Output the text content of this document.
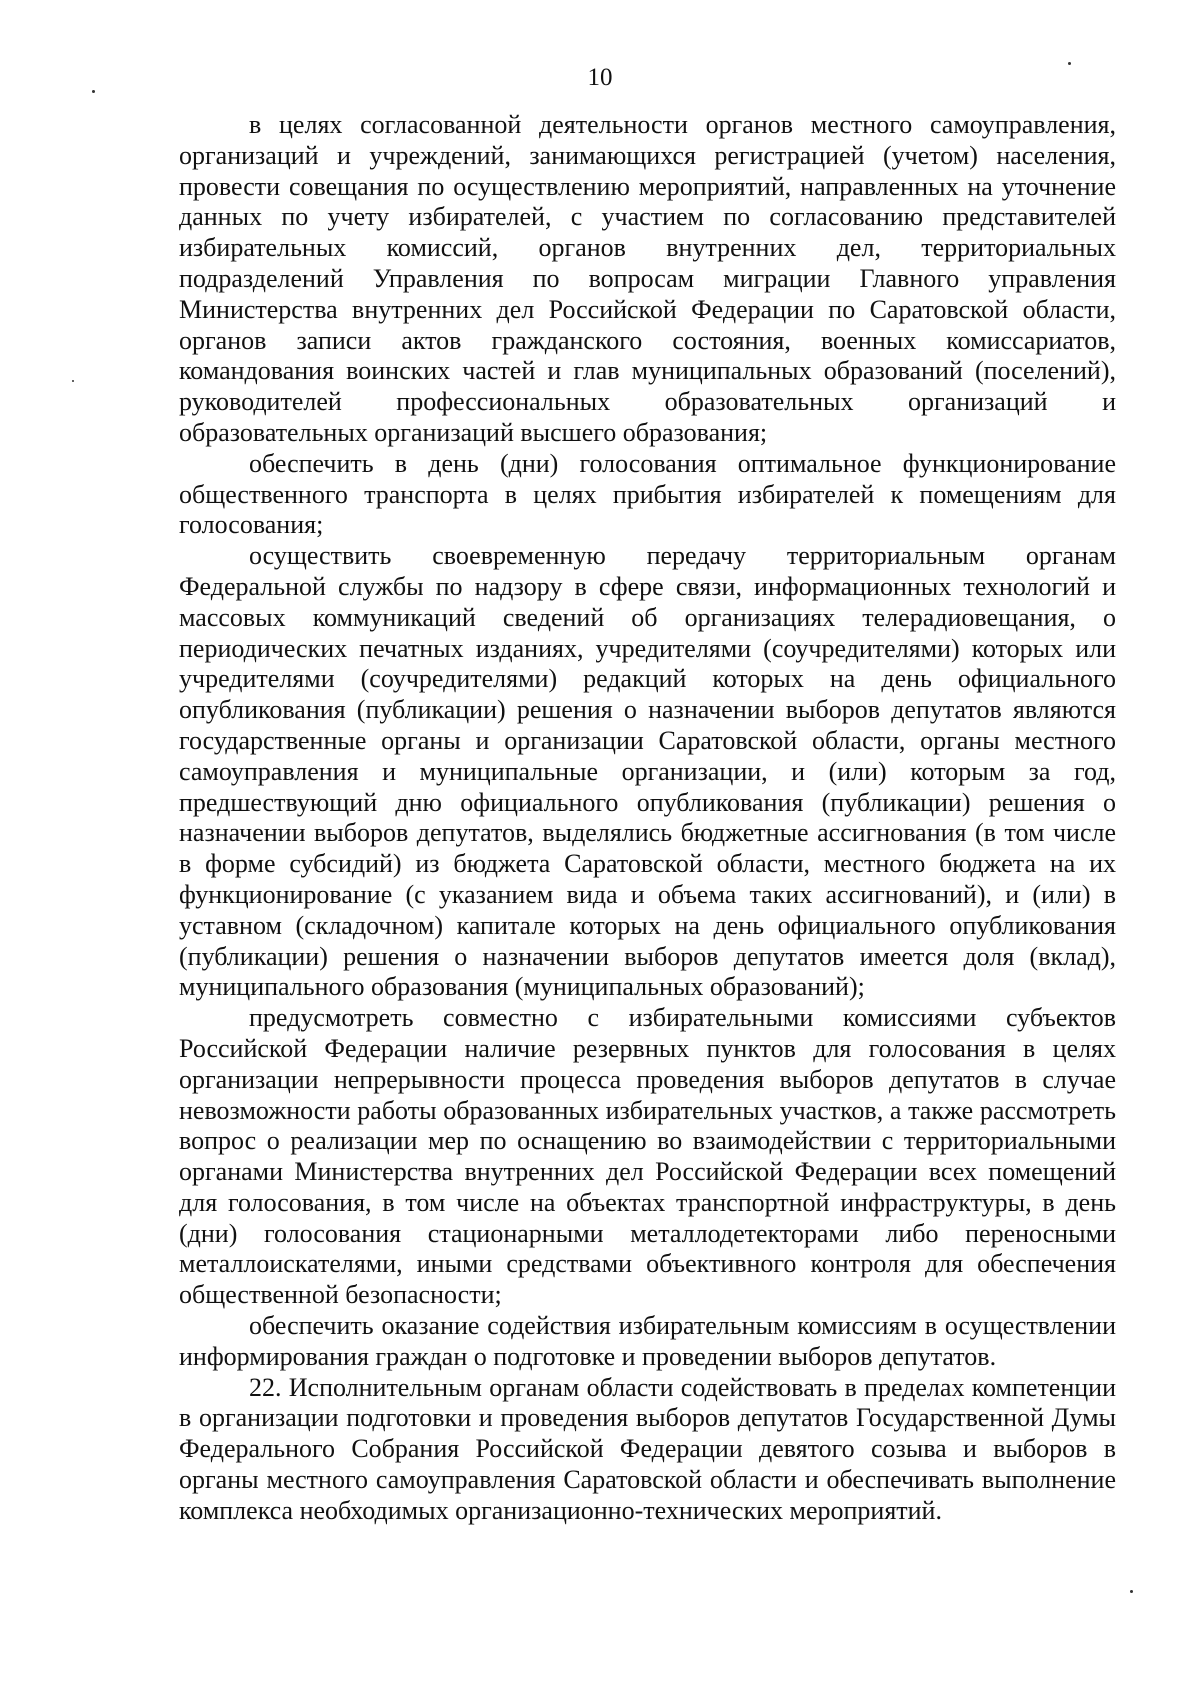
10

в целях согласованной деятельности органов местного самоуправления, организаций и учреждений, занимающихся регистрацией (учетом) населения, провести совещания по осуществлению мероприятий, направленных на уточнение данных по учету избирателей, с участием по согласованию представителей избирательных комиссий, органов внутренних дел, территориальных подразделений Управления по вопросам миграции Главного управления Министерства внутренних дел Российской Федерации по Саратовской области, органов записи актов гражданского состояния, военных комиссариатов, командования воинских частей и глав муниципальных образований (поселений), руководителей профессиональных образовательных организаций и образовательных организаций высшего образования;

обеспечить в день (дни) голосования оптимальное функционирование общественного транспорта в целях прибытия избирателей к помещениям для голосования;

осуществить своевременную передачу территориальным органам Федеральной службы по надзору в сфере связи, информационных технологий и массовых коммуникаций сведений об организациях телерадиовещания, о периодических печатных изданиях, учредителями (соучредителями) которых или учредителями (соучредителями) редакций которых на день официального опубликования (публикации) решения о назначении выборов депутатов являются государственные органы и организации Саратовской области, органы местного самоуправления и муниципальные организации, и (или) которым за год, предшествующий дню официального опубликования (публикации) решения о назначении выборов депутатов, выделялись бюджетные ассигнования (в том числе в форме субсидий) из бюджета Саратовской области, местного бюджета на их функционирование (с указанием вида и объема таких ассигнований), и (или) в уставном (складочном) капитале которых на день официального опубликования (публикации) решения о назначении выборов депутатов имеется доля (вклад), муниципального образования (муниципальных образований);

предусмотреть совместно с избирательными комиссиями субъектов Российской Федерации наличие резервных пунктов для голосования в целях организации непрерывности процесса проведения выборов депутатов в случае невозможности работы образованных избирательных участков, а также рассмотреть вопрос о реализации мер по оснащению во взаимодействии с территориальными органами Министерства внутренних дел Российской Федерации всех помещений для голосования, в том числе на объектах транспортной инфраструктуры, в день (дни) голосования стационарными металлодетекторами либо переносными металлоискателями, иными средствами объективного контроля для обеспечения общественной безопасности;

обеспечить оказание содействия избирательным комиссиям в осуществлении информирования граждан о подготовке и проведении выборов депутатов.

22. Исполнительным органам области содействовать в пределах компетенции в организации подготовки и проведения выборов депутатов Государственной Думы Федерального Собрания Российской Федерации девятого созыва и выборов в органы местного самоуправления Саратовской области и обеспечивать выполнение комплекса необходимых организационно-технических мероприятий.
